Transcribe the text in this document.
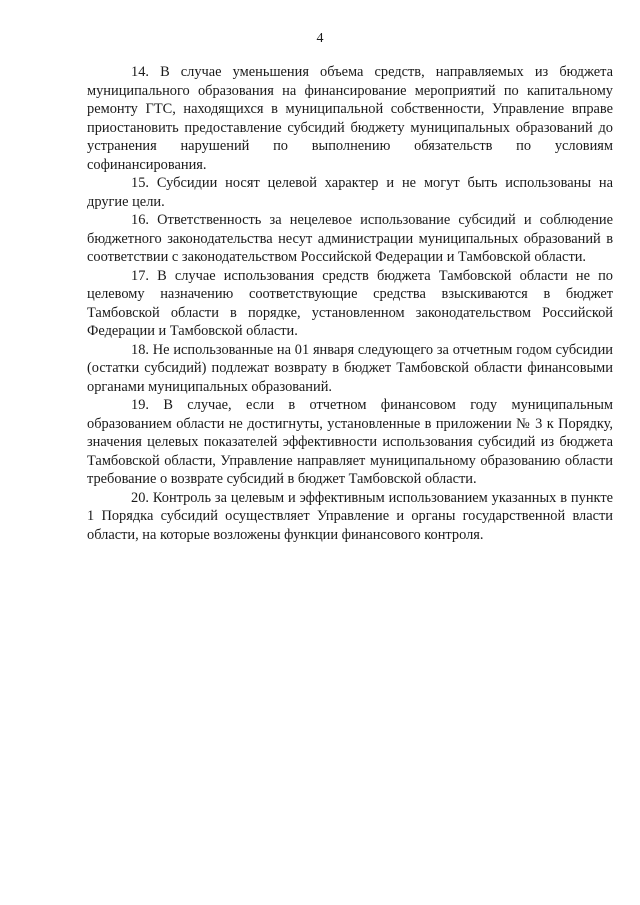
4

14. В случае уменьшения объема средств, направляемых из бюджета муниципального образования на финансирование мероприятий по капитальному ремонту ГТС, находящихся в муниципальной собственности, Управление вправе приостановить предоставление субсидий бюджету муниципальных образований до устранения нарушений по выполнению обязательств по условиям софинансирования.

15. Субсидии носят целевой характер и не могут быть использованы на другие цели.

16. Ответственность за нецелевое использование субсидий и соблюдение бюджетного законодательства несут администрации муниципальных образований в соответствии с законодательством Российской Федерации и Тамбовской области.

17. В случае использования средств бюджета Тамбовской области не по целевому назначению соответствующие средства взыскиваются в бюджет Тамбовской области в порядке, установленном законодательством Российской Федерации и Тамбовской области.

18. Не использованные на 01 января следующего за отчетным годом субсидии (остатки субсидий) подлежат возврату в бюджет Тамбовской области финансовыми органами муниципальных образований.

19. В случае, если в отчетном финансовом году муниципальным образованием области не достигнуты, установленные в приложении № 3 к Порядку, значения целевых показателей эффективности использования субсидий из бюджета Тамбовской области, Управление направляет муниципальному образованию области требование о возврате субсидий в бюджет Тамбовской области.

20. Контроль за целевым и эффективным использованием указанных в пункте 1 Порядка субсидий осуществляет Управление и органы государственной власти области, на которые возложены функции финансового контроля.
